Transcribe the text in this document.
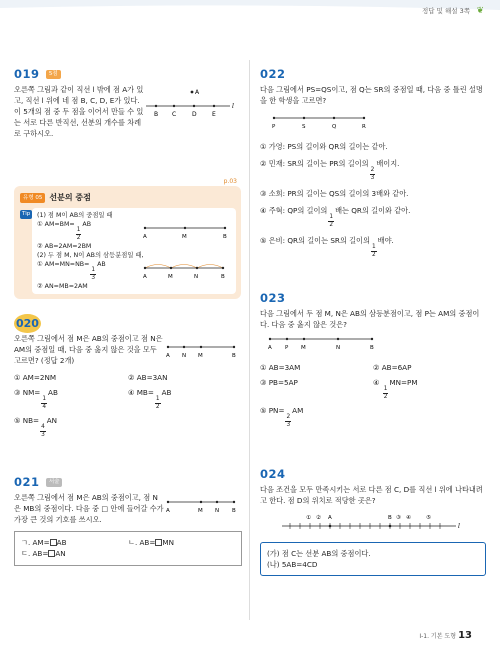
정답 및 해설 3쪽 ❦
019 5점
오른쪽 그림과 같이 직선 l 밖에 점 A가 있고, 직선 l 위에 네 점 B, C, D, E가 있다. 이 5개의 점 중 두 점을 이어서 만들 수 있는 서로 다른 반직선, 선분의 개수를 차례로 구하시오.
A
B C	D	E
l
유형 05 선분의 중점
p.03
Tip	(1) 점 M이 AB의 중점일 때
① AM=BM=
$\frac{1}{2}$
AB
② AB=2AM=2BM
A	M	B
(2) 두 점 M, N이 AB의 삼등분점일 때,
① AM=MN=NB=
$\frac{1}{3}$
AB
② AN=MB=2AM
A	M	N	B
020
오른쪽 그림에서 점 M은 AB의 중점이고 점 N은 AM의 중점일 때, 다음 중 옳지 않은 것을 모두 고르면? (정답 2개)
A N M	B
① AM=2NM	② AB=3AN
③ NM=
$\frac{1}{4}$
AB	④ MB=
$\frac{1}{2}$
AB
⑤ NB=
$\frac{4}{3}$
AN
021 서술
오른쪽 그림에서 점 M은 AB의 중점이고, 점 N은 MB의 중점이다. 다음 중 □ 안에 들어갈 수가 가장 큰 것의 기호를 쓰시오.
A	M N B
ㄱ. AM= AB	ㄴ. AB= MN
ㄷ. AB= AN
022
다음 그림에서 PS=QS이고, 점 Q는 SR의 중점일 때, 다음 중 틀린 설명을 한 학생을 고르면?
P	S	Q	R
① 가영: PS의 길이와 QR의 길이는 같아.
② 민재: SR의 길이는 PR의 길이의
$\frac{2}{3}$
배이지.
③ 소희: PR의 길이는 QS의 길이의 3배와 같아.
④ 주혁: QP의 길이의
$\frac{1}{2}$
배는 QR의 길이와 같아.
⑤ 은비: QR의 길이는 SR의 길이의
$\frac{1}{2}$
배야.
023
다음 그림에서 두 점 M, N은 AB의 삼등분점이고, 점 P는 AM의 중점이다. 다음 중 옳지 않은 것은?
A P M	N	B
① AB=3AM	② AB=6AP
③ PB=5AP	④
$\frac{1}{2}$
MN=PM
⑤ PN=
$\frac{2}{3}$
AM
024
다음 조건을 모두 만족시키는 서로 다른 점 C, D를 직선 l 위에 나타내려고 한다. 점 D의 위치로 적당한 곳은?
① ② A	B ③ ④	⑤
l
(가) 점 C는 선분 AB의 중점이다.
(나) 5AB=4CD
Ⅰ-1. 기본 도형 13
